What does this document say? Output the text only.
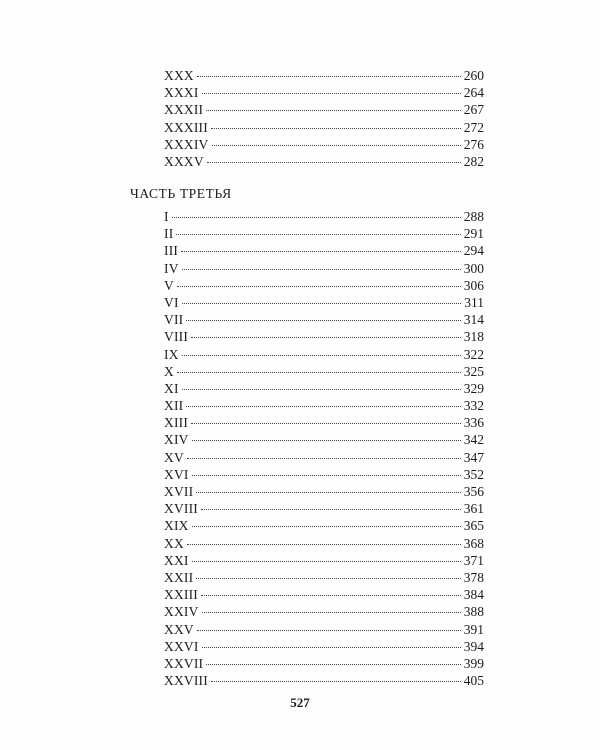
XXX	260
XXXI	264
XXXII	267
XXXIII	272
XXXIV	276
XXXV	282
ЧАСТЬ ТРЕТЬЯ
I	288
II	291
III	294
IV	300
V	306
VI	311
VII	314
VIII	318
IX	322
X	325
XI	329
XII	332
XIII	336
XIV	342
XV	347
XVI	352
XVII	356
XVIII	361
XIX	365
XX	368
XXI	371
XXII	378
XXIII	384
XXIV	388
XXV	391
XXVI	394
XXVII	399
XXVIII	405
527
